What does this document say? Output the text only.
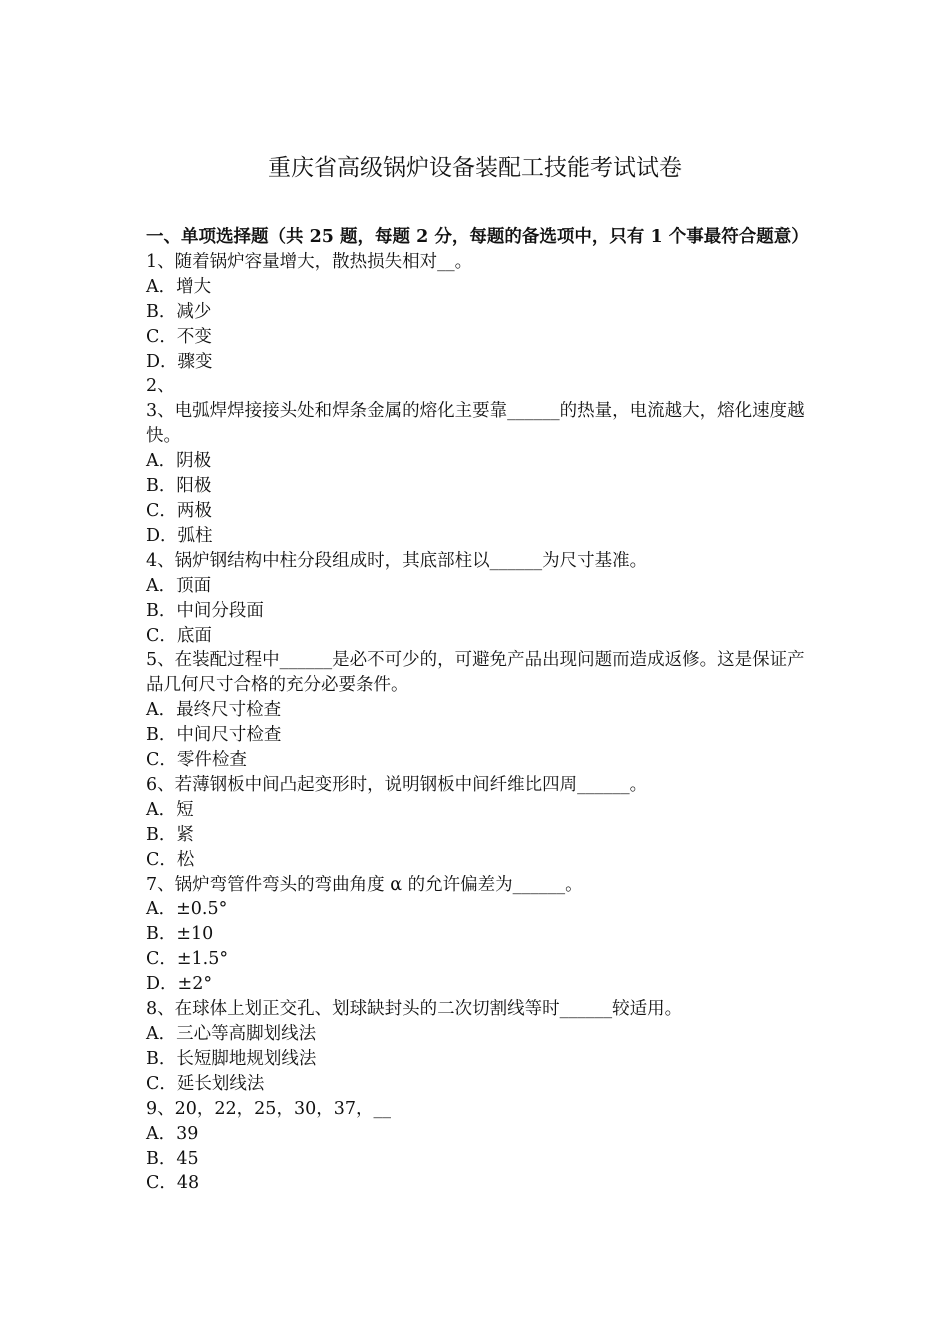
重庆省高级锅炉设备装配工技能考试试卷

一、单项选择题（共 25 题，每题 2 分，每题的备选项中，只有 1 个事最符合题意）

1、随着锅炉容量增大，散热损失相对__。

A．增大

B．减少

C．不变

D．骤变

2、

3、电弧焊焊接接头处和焊条金属的熔化主要靠______的热量，电流越大，熔化速度越快。

A．阴极

B．阳极

C．两极

D．弧柱

4、锅炉钢结构中柱分段组成时，其底部柱以______为尺寸基准。

A．顶面

B．中间分段面

C．底面

5、在装配过程中______是必不可少的，可避免产品出现问题而造成返修。这是保证产品几何尺寸合格的充分必要条件。

A．最终尺寸检查

B．中间尺寸检查

C．零件检查

6、若薄钢板中间凸起变形时，说明钢板中间纤维比四周______。

A．短

B．紧

C．松

7、锅炉弯管件弯头的弯曲角度 α 的允许偏差为______。

A．±0.5°

B．±10

C．±1.5°

D．±2°

8、在球体上划正交孔、划球缺封头的二次切割线等时______较适用。

A．三心等高脚划线法

B．长短脚地规划线法

C．延长划线法

9、20，22，25，30，37，__

A．39

B．45

C．48
